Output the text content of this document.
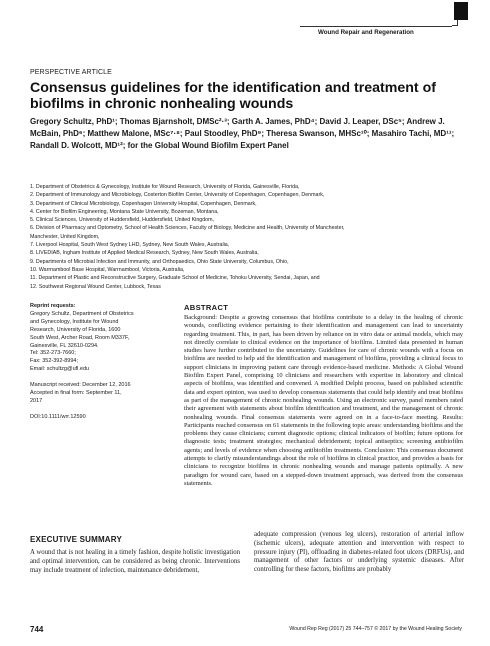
Wound Repair and Regeneration
PERSPECTIVE ARTICLE
Consensus guidelines for the identification and treatment of biofilms in chronic nonhealing wounds
Gregory Schultz, PhD¹; Thomas Bjarnsholt, DMSc²·³; Garth A. James, PhD⁴; David J. Leaper, DSc⁵; Andrew J. McBain, PhD⁶; Matthew Malone, MSc⁷·⁸; Paul Stoodley, PhD⁹; Theresa Swanson, MHSc¹⁰; Masahiro Tachi, MD¹¹; Randall D. Wolcott, MD¹²; for the Global Wound Biofilm Expert Panel
1. Department of Obstetrics & Gynecology, Institute for Wound Research, University of Florida, Gainesville, Florida,
2. Department of Immunology and Microbiology, Costerton Biofilm Center, University of Copenhagen, Copenhagen, Denmark,
3. Department of Clinical Microbiology, Copenhagen University Hospital, Copenhagen, Denmark,
4. Center for Biofilm Engineering, Montana State University, Bozeman, Montana,
5. Clinical Sciences, University of Huddersfield, Huddersfield, United Kingdom,
6. Division of Pharmacy and Optometry, School of Health Sciences, Faculty of Biology, Medicine and Health, University of Manchester,
Manchester, United Kingdom,
7. Liverpool Hospital, South West Sydney LHD, Sydney, New South Wales, Australia,
8. LIVEDIAB, Ingham Institute of Applied Medical Research, Sydney, New South Wales, Australia,
9. Departments of Microbial Infection and Immunity, and Orthopaedics, Ohio State University, Columbus, Ohio,
10. Warrnambool Base Hospital, Warrnambool, Victoria, Australia,
11. Department of Plastic and Reconstructive Surgery, Graduate School of Medicine, Tohoku University, Sendai, Japan, and
12. Southwest Regional Wound Center, Lubbock, Texas
Reprint requests:
Gregory Schultz, Department of Obstetrics
and Gynecology, Institute for Wound
Research, University of Florida, 1600
South West, Archer Road, Room M337F,
Gainesville, FL 32610-0294.
Tel: 352-273-7660;
Fax: 352-392-8994;
Email: schultzg@ufl.edu
Manuscript received: December 12, 2016
Accepted in final form: September 11,
2017
DOI:10.1111/wrr.12590
ABSTRACT

Background: Despite a growing consensus that biofilms contribute to a delay in the healing of chronic wounds, conflicting evidence pertaining to their identification and management can lead to uncertainty regarding treatment. This, in part, has been driven by reliance on in vitro data or animal models, which may not directly correlate to clinical evidence on the importance of biofilms. Limited data presented in human studies have further contributed to the uncertainty. Guidelines for care of chronic wounds with a focus on biofilms are needed to help aid the identification and management of biofilms, providing a clinical focus to support clinicians in improving patient care through evidence-based medicine. Methods: A Global Wound Biofilm Expert Panel, comprising 10 clinicians and researchers with expertise in laboratory and clinical aspects of biofilms, was identified and convened. A modified Delphi process, based on published scientific data and expert opinion, was used to develop consensus statements that could help identify and treat biofilms as part of the management of chronic nonhealing wounds. Using an electronic survey, panel members rated their agreement with statements about biofilm identification and treatment, and the management of chronic nonhealing wounds. Final consensus statements were agreed on in a face-to-face meeting. Results: Participants reached consensus on 61 statements in the following topic areas: understanding biofilms and the problems they cause clinicians; current diagnostic options; clinical indicators of biofilm; future options for diagnostic tests; treatment strategies; mechanical debridement; topical antiseptics; screening antibiofilm agents; and levels of evidence when choosing antibiofilm treatments. Conclusion: This consensus document attempts to clarify misunderstandings about the role of biofilms in clinical practice, and provides a basis for clinicians to recognize biofilms in chronic nonhealing wounds and manage patients optimally. A new paradigm for wound care, based on a stepped-down treatment approach, was derived from the consensus statements.

EXECUTIVE SUMMARY

A wound that is not healing in a timely fashion, despite holistic investigation and optimal intervention, can be considered as being chronic. Interventions may include treatment of infection, maintenance debridement,

adequate compression (venous leg ulcers), restoration of arterial inflow (ischemic ulcers), adequate attention and intervention with respect to pressure injury (PI), offloading in diabetes-related foot ulcers (DRFUs), and management of other factors or underlying systemic diseases. After controlling for these factors, biofilms are probably

744	Wound Rep Reg (2017) 25 744–757 © 2017 by the Wound Healing Society
